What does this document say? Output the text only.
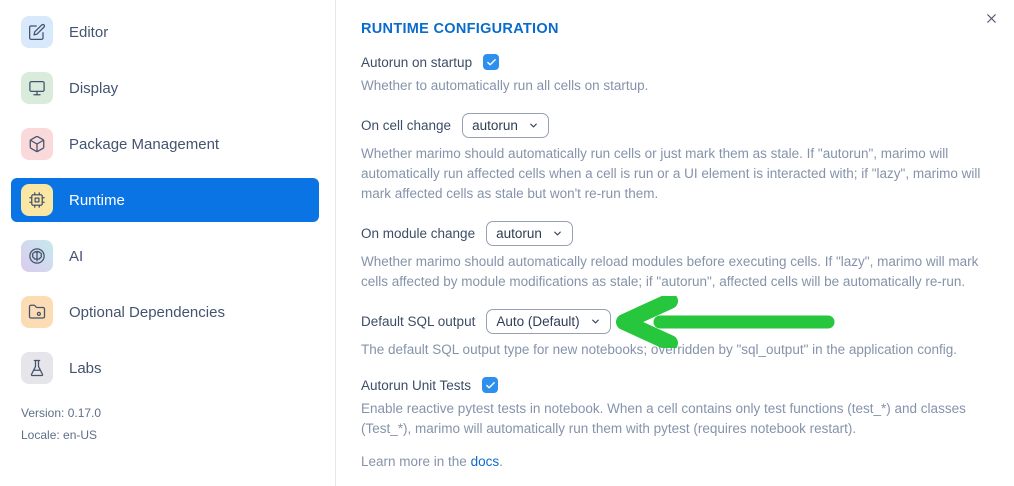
Editor
Display
Package Management
Runtime
AI
Optional Dependencies
Labs
Version: 0.17.0
Locale: en-US
RUNTIME CONFIGURATION
Autorun on startup

Whether to automatically run all cells on startup.

On cell change autorun

Whether marimo should automatically run cells or just mark them as stale. If "autorun", marimo will automatically run affected cells when a cell is run or a UI element is interacted with; if "lazy", marimo will mark affected cells as stale but won't re-run them.

On module change autorun

Whether marimo should automatically reload modules before executing cells. If "lazy", marimo will mark cells affected by module modifications as stale; if "autorun", affected cells will be automatically re-run.

Default SQL output Auto (Default)

The default SQL output type for new notebooks; overridden by "sql_output" in the application config.

Autorun Unit Tests

Enable reactive pytest tests in notebook. When a cell contains only test functions (test_*) and classes (Test_*), marimo will automatically run them with pytest (requires notebook restart).

Learn more in the docs.
